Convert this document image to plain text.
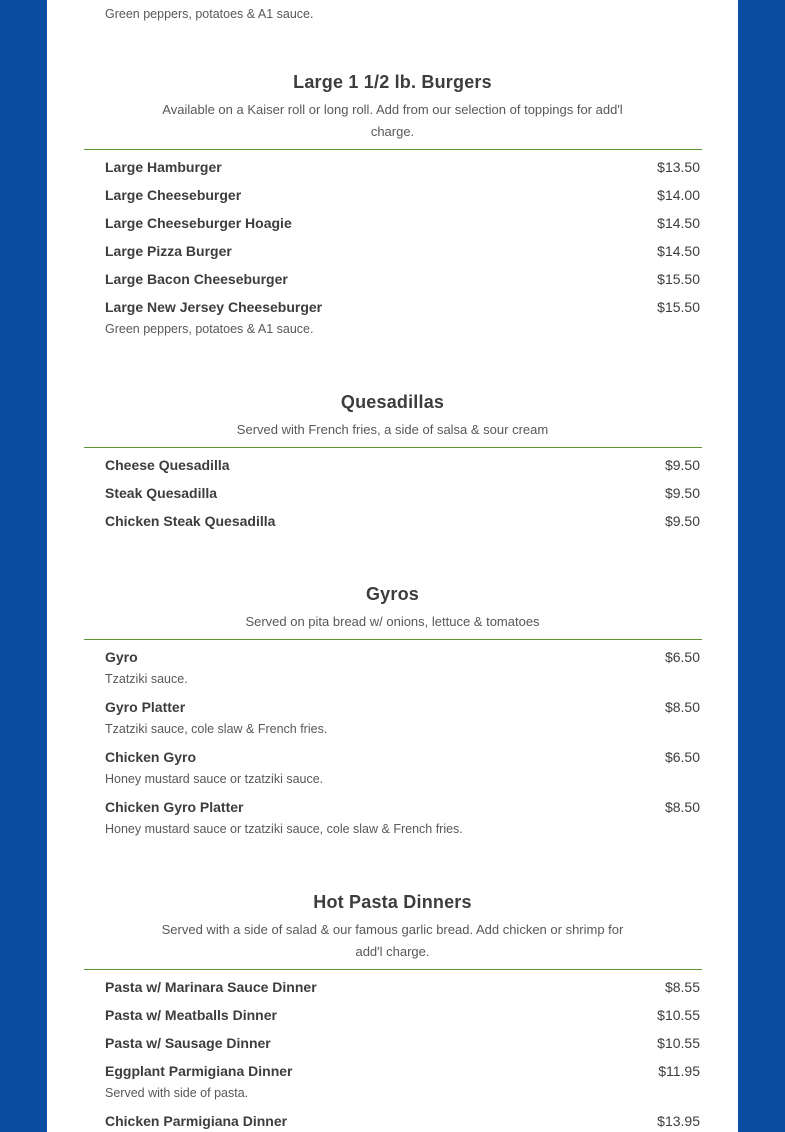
Green peppers, potatoes & A1 sauce.
Large 1 1/2 lb. Burgers

Available on a Kaiser roll or long roll. Add from our selection of toppings for add'l charge.

Large Hamburger	$13.50
Large Cheeseburger	$14.00
Large Cheeseburger Hoagie	$14.50
Large Pizza Burger	$14.50
Large Bacon Cheeseburger	$15.50
Large New Jersey Cheeseburger	$15.50
Green peppers, potatoes & A1 sauce.
Quesadillas

Served with French fries, a side of salsa & sour cream

Cheese Quesadilla	$9.50
Steak Quesadilla	$9.50
Chicken Steak Quesadilla	$9.50
Gyros

Served on pita bread w/ onions, lettuce & tomatoes

Gyro	$6.50
Tzatziki sauce.
Gyro Platter	$8.50
Tzatziki sauce, cole slaw & French fries.
Chicken Gyro	$6.50
Honey mustard sauce or tzatziki sauce.
Chicken Gyro Platter	$8.50
Honey mustard sauce or tzatziki sauce, cole slaw & French fries.
Hot Pasta Dinners

Served with a side of salad & our famous garlic bread. Add chicken or shrimp for add'l charge.

Pasta w/ Marinara Sauce Dinner	$8.55
Pasta w/ Meatballs Dinner	$10.55
Pasta w/ Sausage Dinner	$10.55
Eggplant Parmigiana Dinner	$11.95
Served with side of pasta.
Chicken Parmigiana Dinner	$13.95
